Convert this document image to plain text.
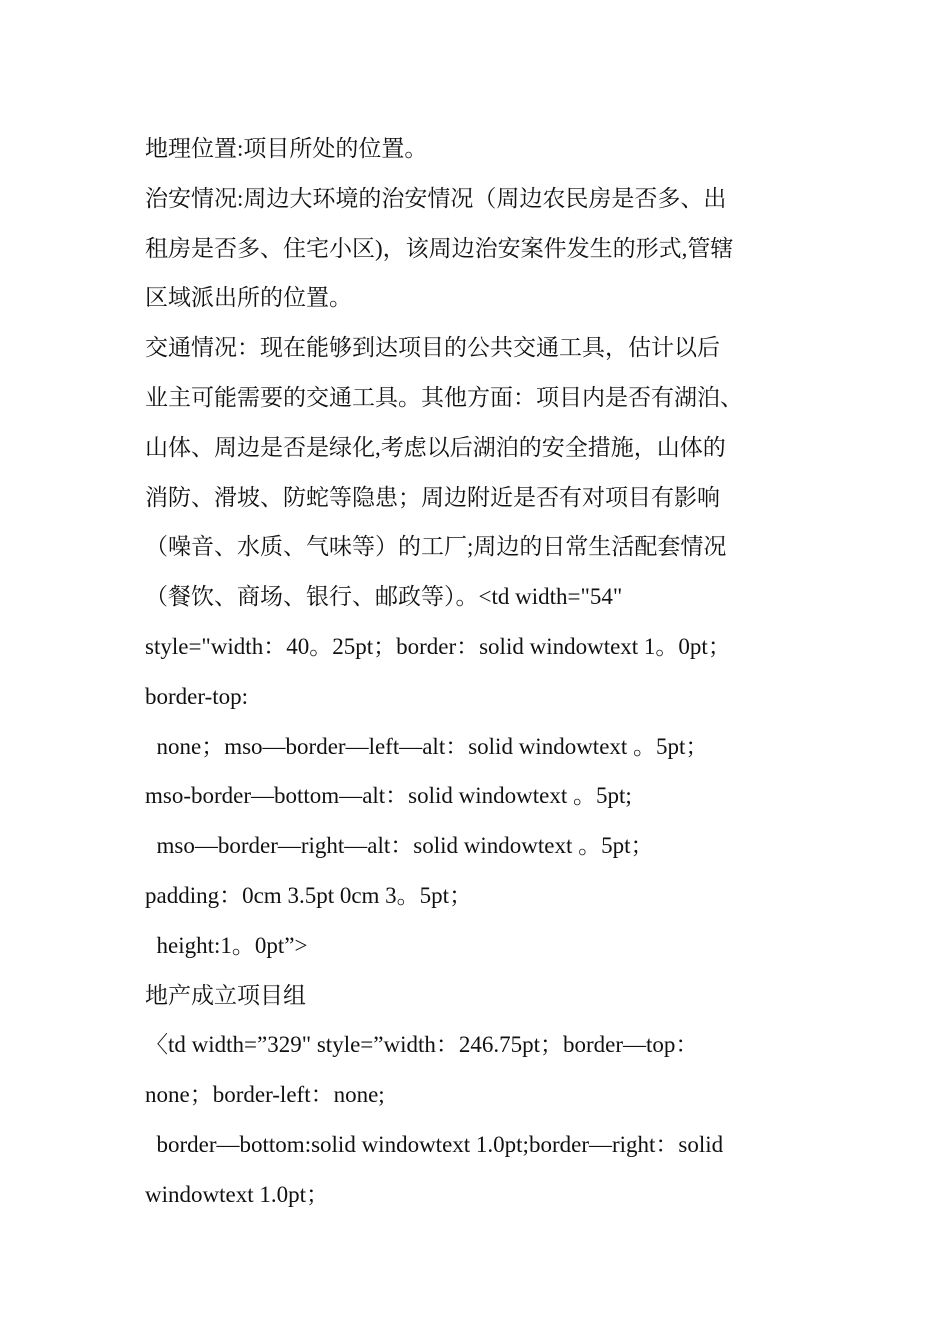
地理位置:项目所处的位置。

治安情况:周边大环境的治安情况（周边农民房是否多、出

租房是否多、住宅小区)，该周边治安案件发生的形式,管辖

区域派出所的位置。

交通情况：现在能够到达项目的公共交通工具，估计以后

业主可能需要的交通工具。其他方面：项目内是否有湖泊、

山体、周边是否是绿化,考虑以后湖泊的安全措施，山体的

消防、滑坡、防蛇等隐患；周边附近是否有对项目有影响

（噪音、水质、气味等）的工厂;周边的日常生活配套情况

（餐饮、商场、银行、邮政等）。<td width="54"

style="width：40。25pt；border：solid windowtext 1。0pt；

border-top:

none；mso—border—left—alt：solid windowtext 。5pt；

mso-border—bottom—alt：solid windowtext 。5pt;

mso—border—right—alt：solid windowtext 。5pt；

padding：0cm 3.5pt 0cm 3。5pt；

height:1。0pt”>

地产成立项目组

〈td width=”329" style=”width：246.75pt；border—top：

none；border-left：none;

border—bottom:solid windowtext 1.0pt;border—right：solid

windowtext 1.0pt；
